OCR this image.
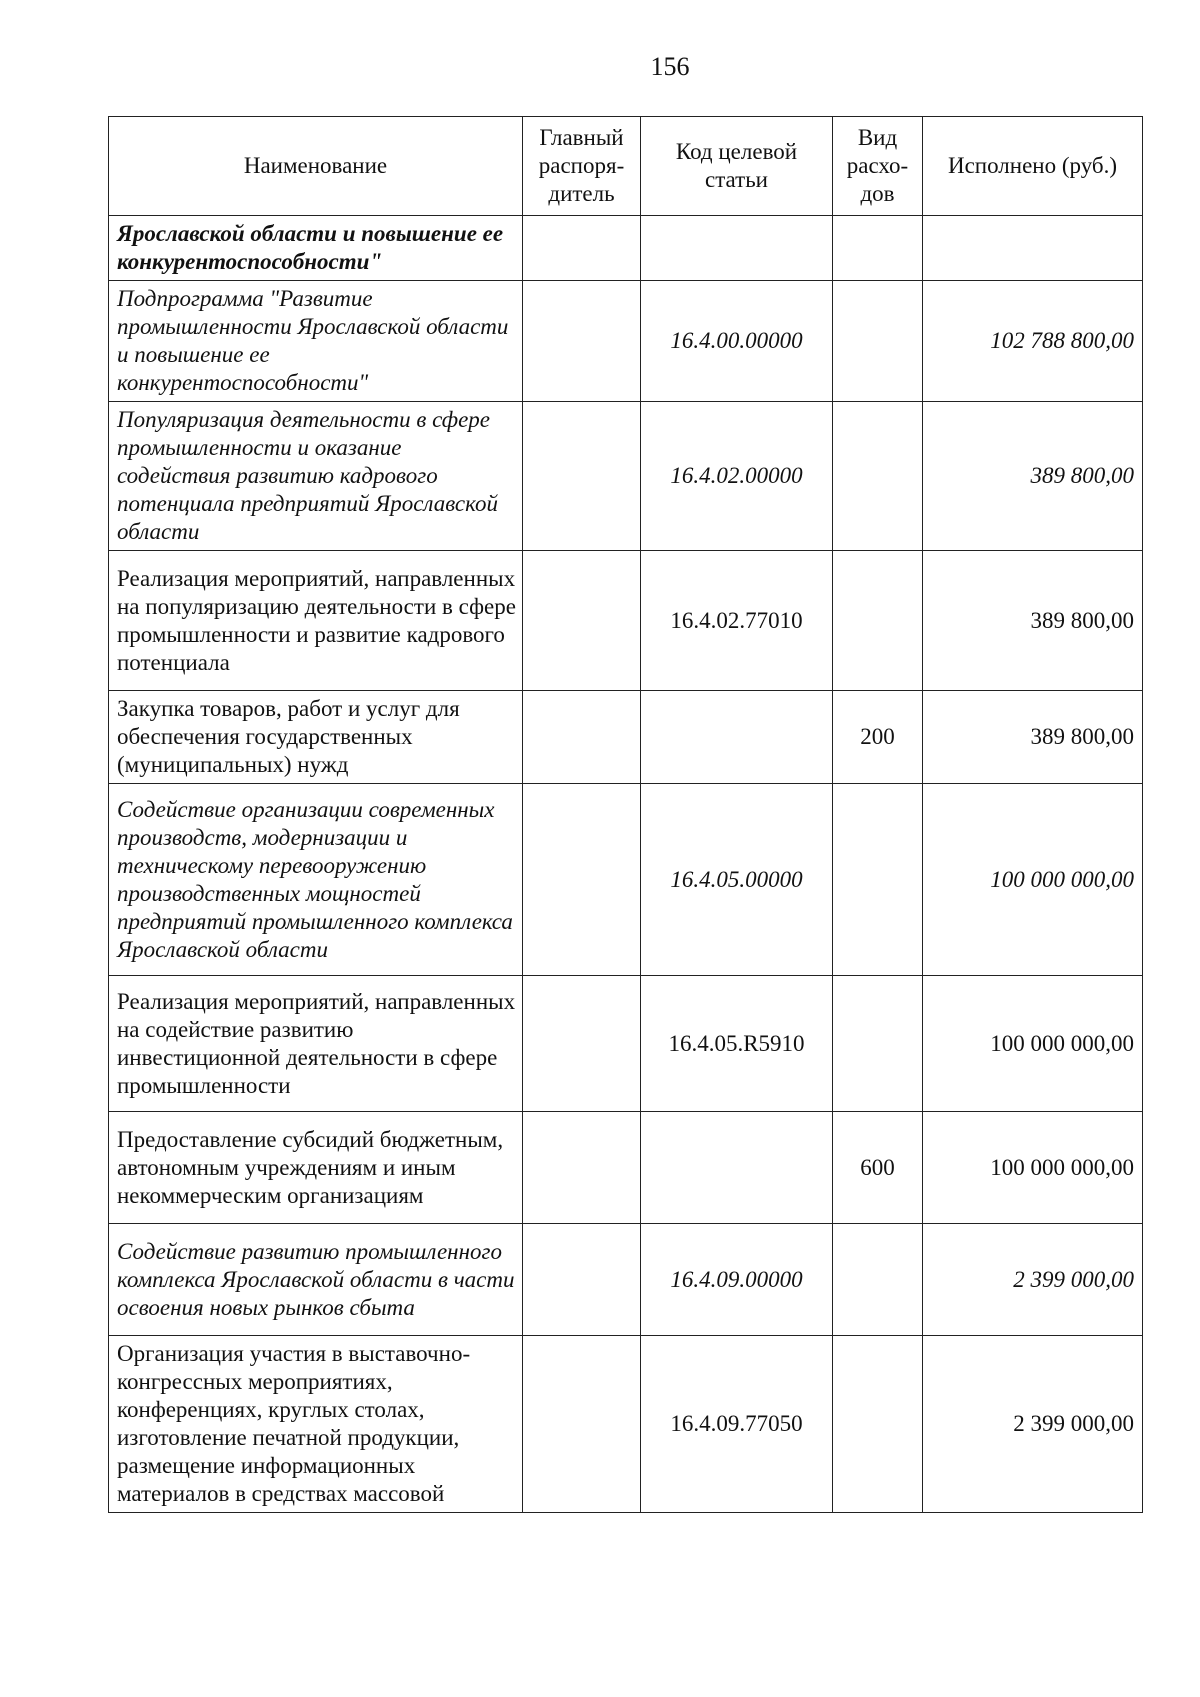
156
Наименование	Главный распоря-дитель	Код целевой статьи	Вид расхо-дов	Исполнено (руб.)
Ярославской области и повышение ее конкурентоспособности"				
Подпрограмма "Развитие промышленности Ярославской области и повышение ее конкурентоспособности"		16.4.00.00000		102 788 800,00
Популяризация деятельности в сфере промышленности и оказание содействия развитию кадрового потенциала предприятий Ярославской области		16.4.02.00000		389 800,00
Реализация мероприятий, направленных на популяризацию деятельности в сфере промышленности и развитие кадрового потенциала		16.4.02.77010		389 800,00
Закупка товаров, работ и услуг для обеспечения государственных (муниципальных) нужд			200	389 800,00
Содействие организации современных производств, модернизации и техническому перевооружению производственных мощностей предприятий промышленного комплекса Ярославской области		16.4.05.00000		100 000 000,00
Реализация мероприятий, направленных на содействие развитию инвестиционной деятельности в сфере промышленности		16.4.05.R5910		100 000 000,00
Предоставление субсидий бюджетным, автономным учреждениям и иным некоммерческим организациям			600	100 000 000,00
Содействие развитию промышленного комплекса Ярославской области в части освоения новых рынков сбыта		16.4.09.00000		2 399 000,00
Организация участия в выставочно-конгрессных мероприятиях, конференциях, круглых столах, изготовление печатной продукции, размещение информационных материалов в средствах массовой		16.4.09.77050		2 399 000,00
